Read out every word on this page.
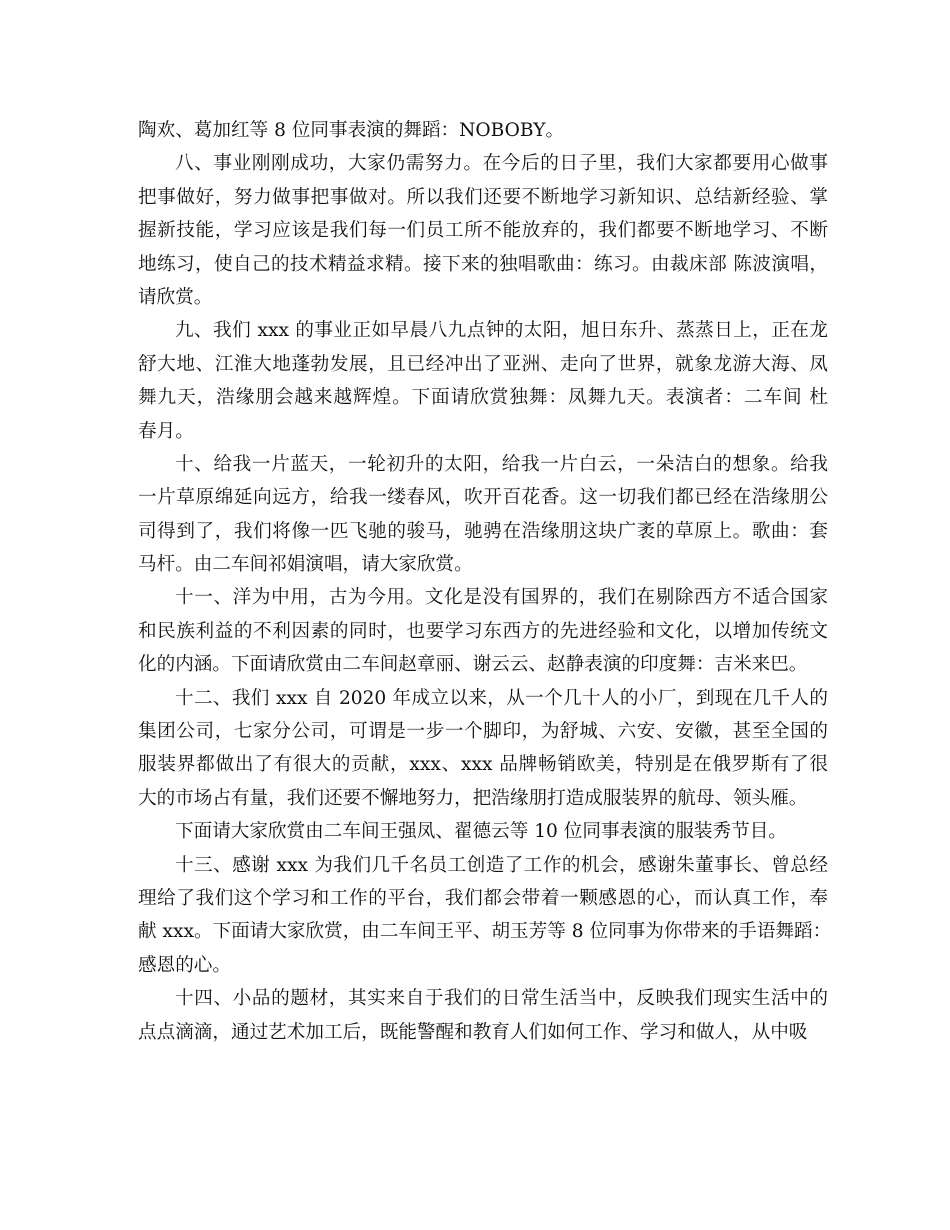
陶欢、葛加红等 8 位同事表演的舞蹈：NOBOBY。
八、事业刚刚成功，大家仍需努力。在今后的日子里，我们大家都要用心做事
把事做好，努力做事把事做对。所以我们还要不断地学习新知识、总结新经验、掌
握新技能，学习应该是我们每一们员工所不能放弃的，我们都要不断地学习、不断
地练习，使自己的技术精益求精。接下来的独唱歌曲：练习。由裁床部 陈波演唱，
请欣赏。
九、我们 xxx 的事业正如早晨八九点钟的太阳，旭日东升、蒸蒸日上，正在龙
舒大地、江淮大地蓬勃发展，且已经冲出了亚洲、走向了世界，就象龙游大海、凤
舞九天，浩缘朋会越来越辉煌。下面请欣赏独舞：凤舞九天。表演者：二车间 杜
春月。
十、给我一片蓝天，一轮初升的太阳，给我一片白云，一朵洁白的想象。给我
一片草原绵延向远方，给我一缕春风，吹开百花香。这一切我们都已经在浩缘朋公
司得到了，我们将像一匹飞驰的骏马，驰骋在浩缘朋这块广袤的草原上。歌曲：套
马杆。由二车间祁娟演唱，请大家欣赏。
十一、洋为中用，古为今用。文化是没有国界的，我们在剔除西方不适合国家
和民族利益的不利因素的同时，也要学习东西方的先进经验和文化，以增加传统文
化的内涵。下面请欣赏由二车间赵章丽、谢云云、赵静表演的印度舞：吉米来巴。
十二、我们 xxx 自 2020 年成立以来，从一个几十人的小厂，到现在几千人的
集团公司，七家分公司，可谓是一步一个脚印，为舒城、六安、安徽，甚至全国的
服装界都做出了有很大的贡献，xxx、xxx 品牌畅销欧美，特别是在俄罗斯有了很
大的市场占有量，我们还要不懈地努力，把浩缘朋打造成服装界的航母、领头雁。
下面请大家欣赏由二车间王强凤、翟德云等 10 位同事表演的服装秀节目。
十三、感谢 xxx 为我们几千名员工创造了工作的机会，感谢朱董事长、曾总经
理给了我们这个学习和工作的平台，我们都会带着一颗感恩的心，而认真工作，奉
献 xxx。下面请大家欣赏，由二车间王平、胡玉芳等 8 位同事为你带来的手语舞蹈：
感恩的心。
十四、小品的题材，其实来自于我们的日常生活当中，反映我们现实生活中的
点点滴滴，通过艺术加工后，既能警醒和教育人们如何工作、学习和做人，从中吸
